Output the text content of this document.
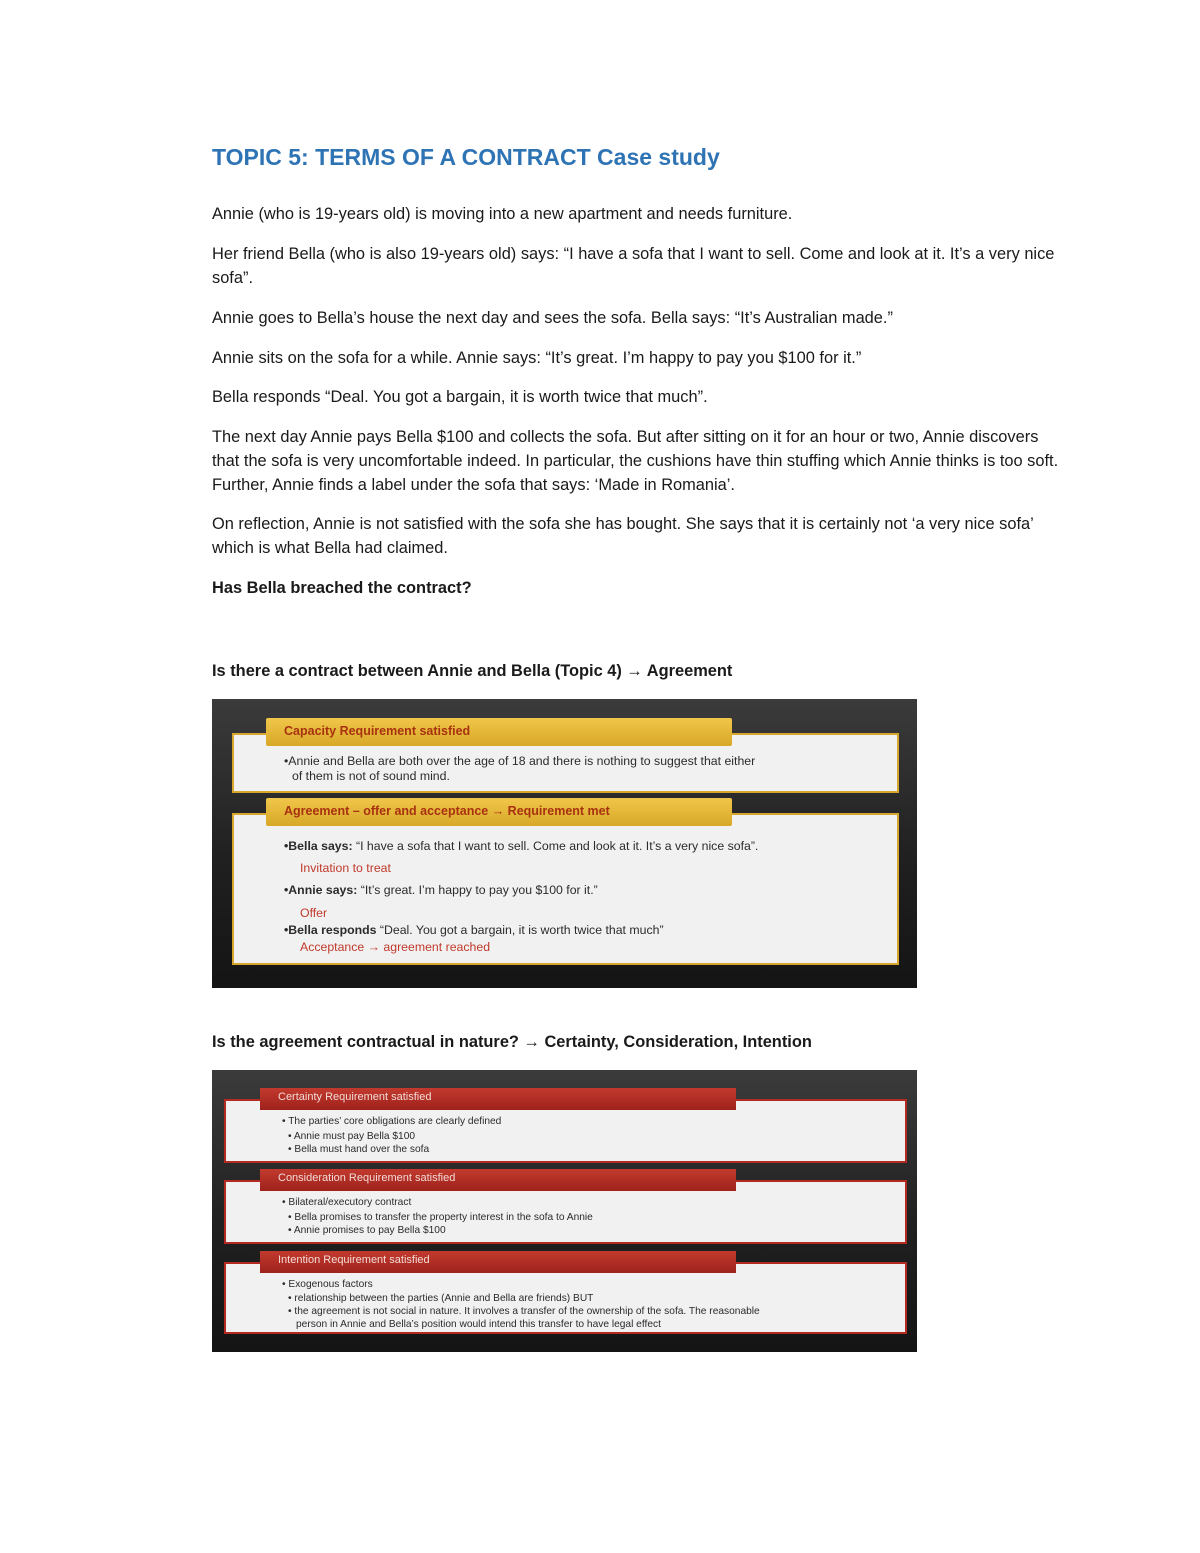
TOPIC 5: TERMS OF A CONTRACT Case study

Annie (who is 19-years old) is moving into a new apartment and needs furniture.

Her friend Bella (who is also 19-years old) says: “I have a sofa that I want to sell. Come and look at it. It’s a very nice sofa”.

Annie goes to Bella’s house the next day and sees the sofa. Bella says: “It’s Australian made.”

Annie sits on the sofa for a while. Annie says: “It’s great. I’m happy to pay you $100 for it.”

Bella responds “Deal. You got a bargain, it is worth twice that much”.

The next day Annie pays Bella $100 and collects the sofa. But after sitting on it for an hour or two, Annie discovers that the sofa is very uncomfortable indeed. In particular, the cushions have thin stuffing which Annie thinks is too soft. Further, Annie finds a label under the sofa that says: ‘Made in Romania’.

On reflection, Annie is not satisfied with the sofa she has bought. She says that it is certainly not ‘a very nice sofa’ which is what Bella had claimed.

Has Bella breached the contract?

Is there a contract between Annie and Bella (Topic 4) → Agreement

Capacity Requirement satisfied
•Annie and Bella are both over the age of 18 and there is nothing to suggest that either
of them is not of sound mind.
Agreement – offer and acceptance → Requirement met
•Bella says: “I have a sofa that I want to sell. Come and look at it. It’s a very nice sofa”.
Invitation to treat
•Annie says: “It’s great. I’m happy to pay you $100 for it.”
Offer
•Bella responds “Deal. You got a bargain, it is worth twice that much”
Acceptance → agreement reached

Is the agreement contractual in nature? → Certainty, Consideration, Intention

Certainty Requirement satisfied
• The parties’ core obligations are clearly defined
• Annie must pay Bella $100
• Bella must hand over the sofa
Consideration Requirement satisfied
• Bilateral/executory contract
• Bella promises to transfer the property interest in the sofa to Annie
• Annie promises to pay Bella $100
Intention Requirement satisfied
• Exogenous factors
• relationship between the parties (Annie and Bella are friends) BUT
• the agreement is not social in nature. It involves a transfer of the ownership of the sofa. The reasonable
person in Annie and Bella’s position would intend this transfer to have legal effect
